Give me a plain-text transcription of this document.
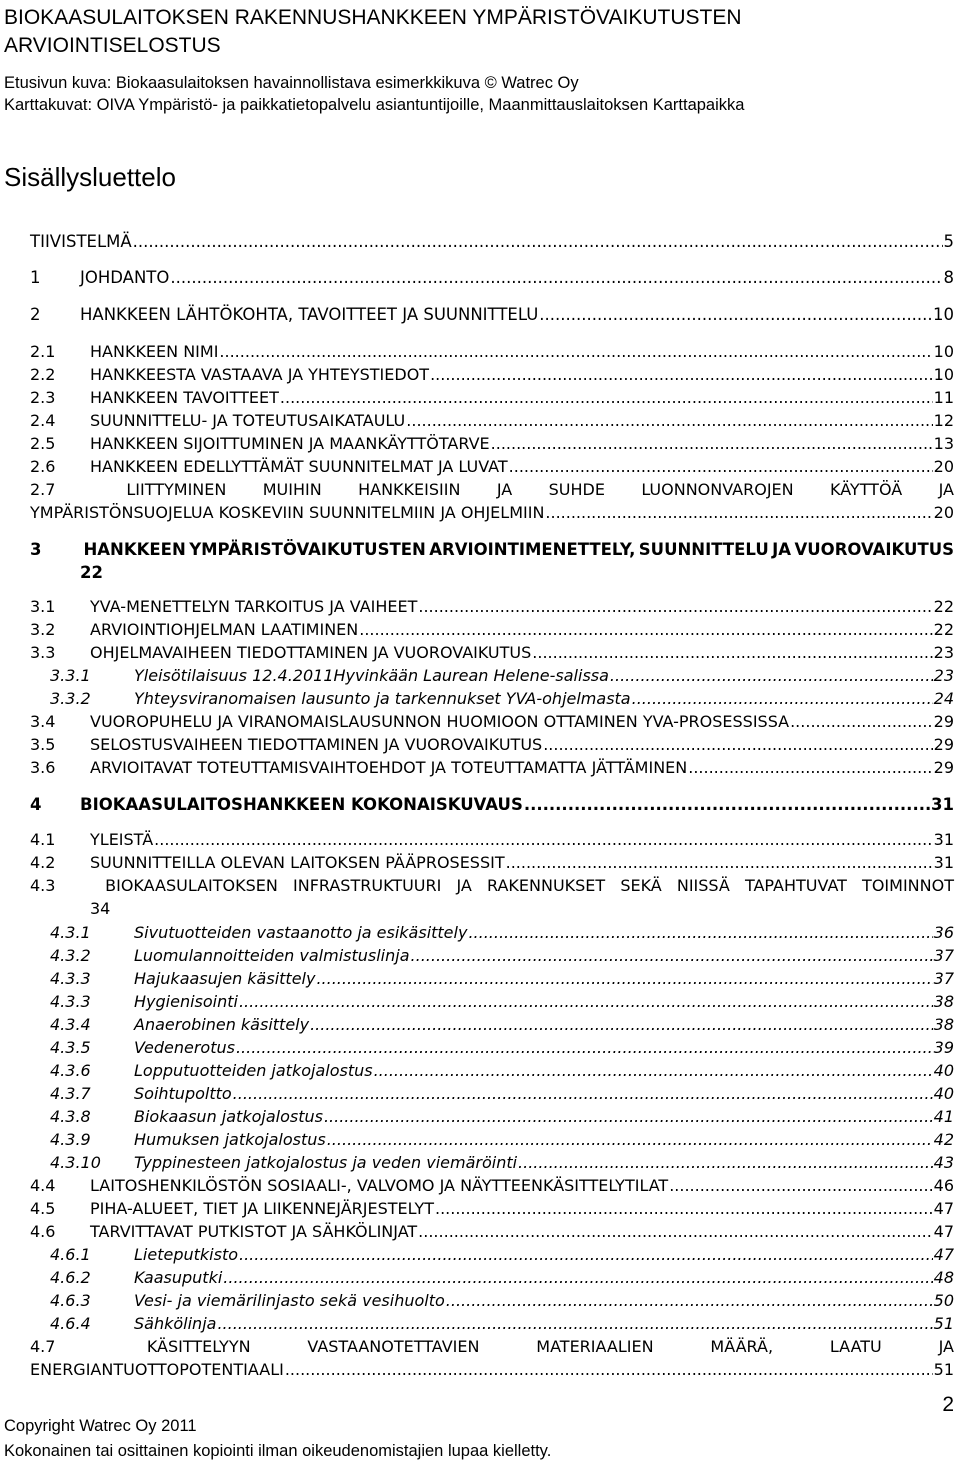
BIOKAASULAITOKSEN RAKENNUSHANKKEEN YMPÄRISTÖVAIKUTUSTEN ARVIOINTISELOSTUS
Etusivun kuva: Biokaasulaitoksen havainnollistava esimerkkikuva © Watrec Oy
Karttakuvat: OIVA Ympäristö- ja paikkatietopalvelu asiantuntijoille, Maanmittauslaitoksen Karttapaikka
Sisällysluettelo
TIIVISTELMÄ .....	5
1	JOHDANTO .....	8
2	HANKKEEN LÄHTÖKOHTA, TAVOITTEET JA SUUNNITTELU .....	10
2.1	HANKKEEN NIMI .....	10
2.2	HANKKEESTA VASTAAVA JA YHTEYSTIEDOT .....	10
2.3	HANKKEEN TAVOITTEET .....	11
2.4	SUUNNITTELU- JA TOTEUTUSAIKATAULU .....	12
2.5	HANKKEEN SIJOITTUMINEN JA MAANKÄYTTÖTARVE .....	13
2.6	HANKKEEN EDELLYTTÄMÄT SUUNNITELMAT JA LUVAT .....	20
2.7	LIITTYMINEN MUIHIN HANKKEISIIN JA SUHDE LUONNONVAROJEN KÄYTTÖÄ JA
YMPÄRISTÖNSUOJELUA KOSKEVIIN SUUNNITELMIIN JA OHJELMIIN .....	20
3	HANKKEEN YMPÄRISTÖVAIKUTUSTEN ARVIOINTIMENETTELY, SUUNNITTELU JA VUOROVAIKUTUS
22
3.1	YVA-MENETTELYN TARKOITUS JA VAIHEET .....	22
3.2	ARVIOINTIOHJELMAN LAATIMINEN .....	22
3.3	OHJELMAVAIHEEN TIEDOTTAMINEN JA VUOROVAIKUTUS .....	23
3.3.1	Yleisötilaisuus 12.4.2011Hyvinkään Laurean Helene-salissa .....	23
3.3.2	Yhteysviranomaisen lausunto ja tarkennukset YVA-ohjelmasta .....	24
3.4	VUOROPUHELU JA VIRANOMAISLAUSUNNON HUOMIOON OTTAMINEN YVA-PROSESSISSA .....	29
3.5	SELOSTUSVAIHEEN TIEDOTTAMINEN JA VUOROVAIKUTUS .....	29
3.6	ARVIOITAVAT TOTEUTTAMISVAIHTOEHDOT JA TOTEUTTAMATTA JÄTTÄMINEN .....	29
4	BIOKAASULAITOSHANKKEEN KOKONAISKUVAUS .....	31
4.1	YLEISTÄ .....	31
4.2	SUUNNITTEILLA OLEVAN LAITOKSEN PÄÄPROSESSIT .....	31
4.3	BIOKAASULAITOKSEN INFRASTRUKTUURI JA RAKENNUKSET SEKÄ NIISSÄ TAPAHTUVAT TOIMINNOT
34
4.3.1	Sivutuotteiden vastaanotto ja esikäsittely .....	36
4.3.2	Luomulannoitteiden valmistuslinja .....	37
4.3.3	Hajukaasujen käsittely .....	37
4.3.3	Hygienisointi .....	38
4.3.4	Anaerobinen käsittely .....	38
4.3.5	Vedenerotus .....	39
4.3.6	Lopputuotteiden jatkojalostus .....	40
4.3.7	Soihtupoltto .....	40
4.3.8	Biokaasun jatkojalostus .....	41
4.3.9	Humuksen jatkojalostus .....	42
4.3.10	Typpinesteen jatkojalostus ja veden viemäröinti .....	43
4.4	LAITOSHENKILÖSTÖN SOSIAALI-, VALVOMO JA NÄYTTEENKÄSITTELYTILAT .....	46
4.5	PIHA-ALUEET, TIET JA LIIKENNEJÄRJESTELYT .....	47
4.6	TARVITTAVAT PUTKISTOT JA SÄHKÖLINJAT .....	47
4.6.1	Lieteputkisto .....	47
4.6.2	Kaasuputki .....	48
4.6.3	Vesi- ja viemärilinjasto sekä vesihuolto .....	50
4.6.4	Sähkölinja .....	51
4.7	KÄSITTELYYN	VASTAANOTETTAVIEN	MATERIAALIEN	MÄÄRÄ,	LAATU	JA
ENERGIANTUOTTOPOTENTIAALI .....	51
2
Copyright Watrec Oy 2011
Kokonainen tai osittainen kopiointi ilman oikeudenomistajien lupaa kielletty.
